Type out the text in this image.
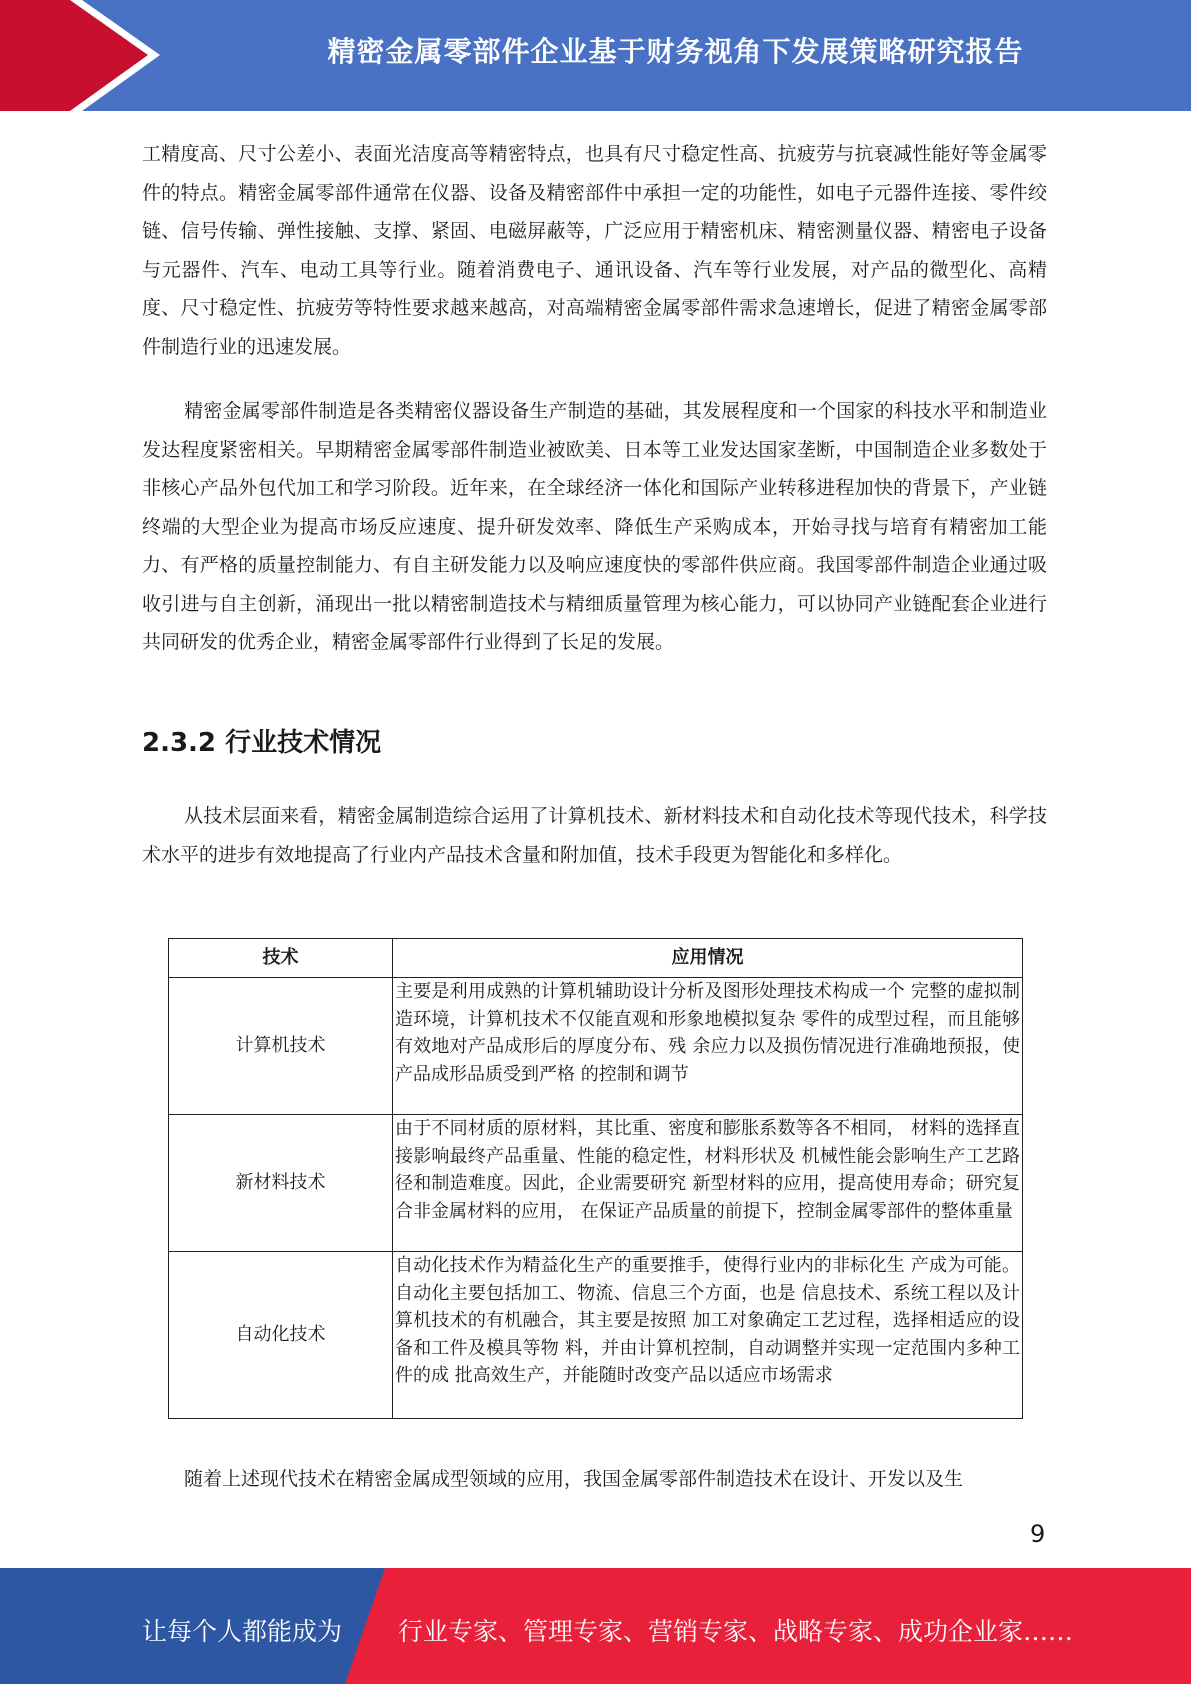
精密金属零部件企业基于财务视角下发展策略研究报告

工精度高、尺寸公差小、表面光洁度高等精密特点，也具有尺寸稳定性高、抗疲劳与抗衰减性能好等金属零件的特点。精密金属零部件通常在仪器、设备及精密部件中承担一定的功能性，如电子元器件连接、零件绞链、信号传输、弹性接触、支撑、紧固、电磁屏蔽等，广泛应用于精密机床、精密测量仪器、精密电子设备与元器件、汽车、电动工具等行业。随着消费电子、通讯设备、汽车等行业发展，对产品的微型化、高精度、尺寸稳定性、抗疲劳等特性要求越来越高，对高端精密金属零部件需求急速增长，促进了精密金属零部件制造行业的迅速发展。

精密金属零部件制造是各类精密仪器设备生产制造的基础，其发展程度和一个国家的科技水平和制造业发达程度紧密相关。早期精密金属零部件制造业被欧美、日本等工业发达国家垄断，中国制造企业多数处于非核心产品外包代加工和学习阶段。近年来，在全球经济一体化和国际产业转移进程加快的背景下，产业链终端的大型企业为提高市场反应速度、提升研发效率、降低生产采购成本，开始寻找与培育有精密加工能力、有严格的质量控制能力、有自主研发能力以及响应速度快的零部件供应商。我国零部件制造企业通过吸收引进与自主创新，涌现出一批以精密制造技术与精细质量管理为核心能力，可以协同产业链配套企业进行共同研发的优秀企业，精密金属零部件行业得到了长足的发展。

2.3.2 行业技术情况

从技术层面来看，精密金属制造综合运用了计算机技术、新材料技术和自动化技术等现代技术，科学技术水平的进步有效地提高了行业内产品技术含量和附加值，技术手段更为智能化和多样化。

技术	应用情况
计算机技术	主要是利用成熟的计算机辅助设计分析及图形处理技术构成一个 完整的虚拟制造环境，计算机技术不仅能直观和形象地模拟复杂 零件的成型过程，而且能够有效地对产品成形后的厚度分布、残 余应力以及损伤情况进行准确地预报，使产品成形品质受到严格 的控制和调节
新材料技术	由于不同材质的原材料，其比重、密度和膨胀系数等各不相同， 材料的选择直接影响最终产品重量、性能的稳定性，材料形状及 机械性能会影响生产工艺路径和制造难度。因此，企业需要研究 新型材料的应用，提高使用寿命；研究复合非金属材料的应用， 在保证产品质量的前提下，控制金属零部件的整体重量
自动化技术	自动化技术作为精益化生产的重要推手，使得行业内的非标化生 产成为可能。自动化主要包括加工、物流、信息三个方面，也是 信息技术、系统工程以及计算机技术的有机融合，其主要是按照 加工对象确定工艺过程，选择相适应的设备和工件及模具等物 料，并由计算机控制，自动调整并实现一定范围内多种工件的成 批高效生产，并能随时改变产品以适应市场需求

随着上述现代技术在精密金属成型领域的应用，我国金属零部件制造技术在设计、开发以及生

9
让每个人都能成为 行业专家、管理专家、营销专家、战略专家、成功企业家……
